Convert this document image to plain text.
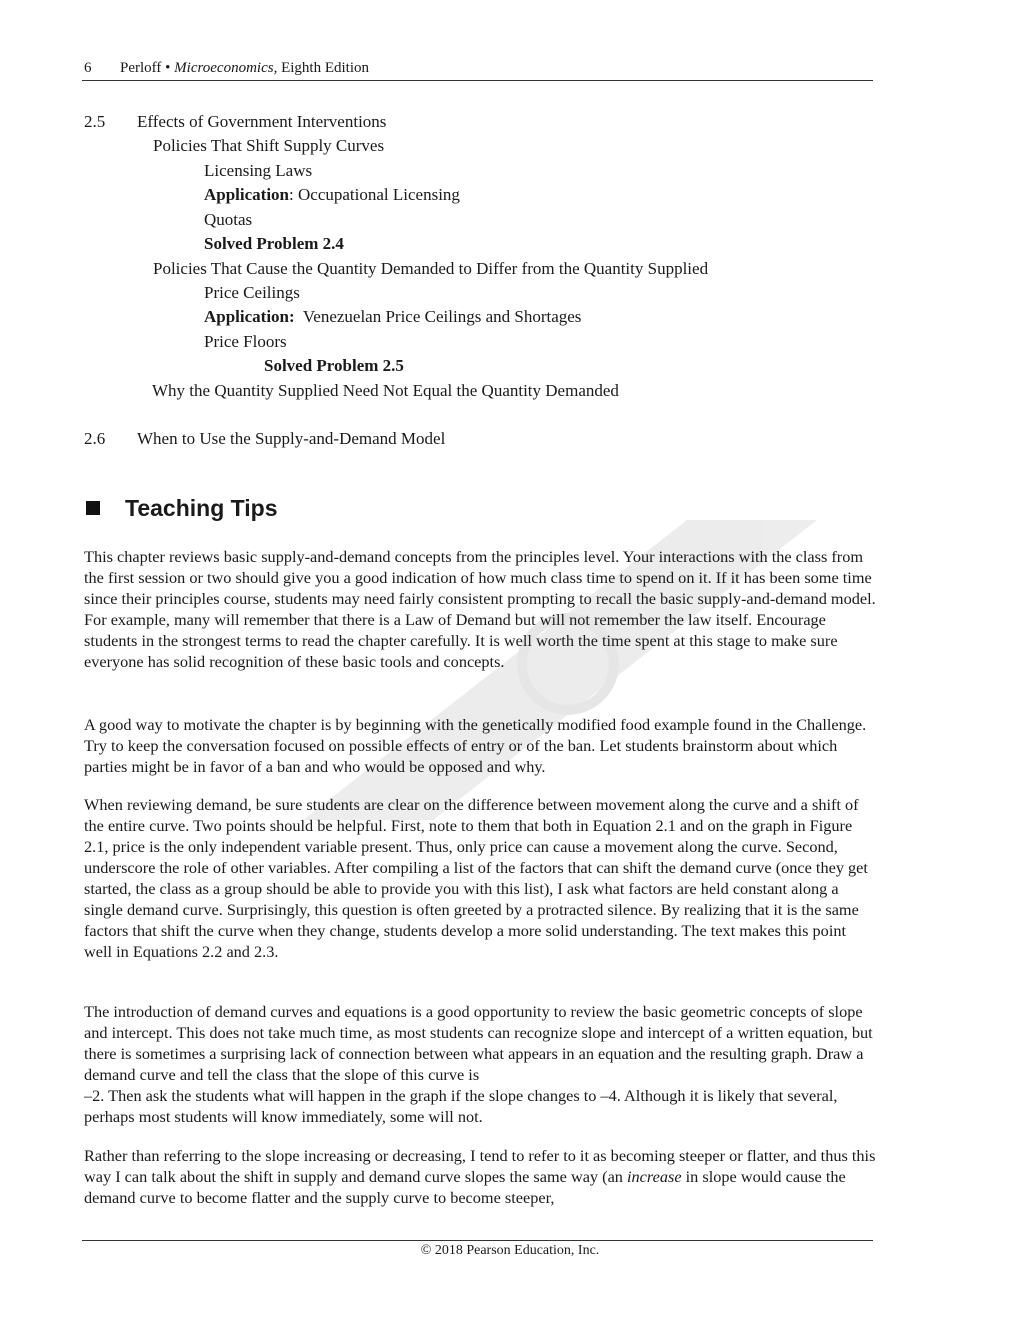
6 Perloff • Microeconomics, Eighth Edition
2.5 Effects of Government Interventions
Policies That Shift Supply Curves
Licensing Laws
Application: Occupational Licensing
Quotas
Solved Problem 2.4
Policies That Cause the Quantity Demanded to Differ from the Quantity Supplied
Price Ceilings
Application:  Venezuelan Price Ceilings and Shortages
Price Floors
Solved Problem 2.5
Why the Quantity Supplied Need Not Equal the Quantity Demanded
2.6 When to Use the Supply-and-Demand Model
Teaching Tips

This chapter reviews basic supply-and-demand concepts from the principles level. Your interactions with the class from the first session or two should give you a good indication of how much class time to spend on it. If it has been some time since their principles course, students may need fairly consistent prompting to recall the basic supply-and-demand model. For example, many will remember that there is a Law of Demand but will not remember the law itself. Encourage students in the strongest terms to read the chapter carefully. It is well worth the time spent at this stage to make sure everyone has solid recognition of these basic tools and concepts.

A good way to motivate the chapter is by beginning with the genetically modified food example found in the Challenge. Try to keep the conversation focused on possible effects of entry or of the ban. Let students brainstorm about which parties might be in favor of a ban and who would be opposed and why.

When reviewing demand, be sure students are clear on the difference between movement along the curve and a shift of the entire curve. Two points should be helpful. First, note to them that both in Equation 2.1 and on the graph in Figure 2.1, price is the only independent variable present. Thus, only price can cause a movement along the curve. Second, underscore the role of other variables. After compiling a list of the factors that can shift the demand curve (once they get started, the class as a group should be able to provide you with this list), I ask what factors are held constant along a single demand curve. Surprisingly, this question is often greeted by a protracted silence. By realizing that it is the same factors that shift the curve when they change, students develop a more solid understanding. The text makes this point well in Equations 2.2 and 2.3.

The introduction of demand curves and equations is a good opportunity to review the basic geometric concepts of slope and intercept. This does not take much time, as most students can recognize slope and intercept of a written equation, but there is sometimes a surprising lack of connection between what appears in an equation and the resulting graph. Draw a demand curve and tell the class that the slope of this curve is
–2. Then ask the students what will happen in the graph if the slope changes to –4. Although it is likely that several, perhaps most students will know immediately, some will not.

Rather than referring to the slope increasing or decreasing, I tend to refer to it as becoming steeper or flatter, and thus this way I can talk about the shift in supply and demand curve slopes the same way (an increase in slope would cause the demand curve to become flatter and the supply curve to become steeper,

© 2018 Pearson Education, Inc.
